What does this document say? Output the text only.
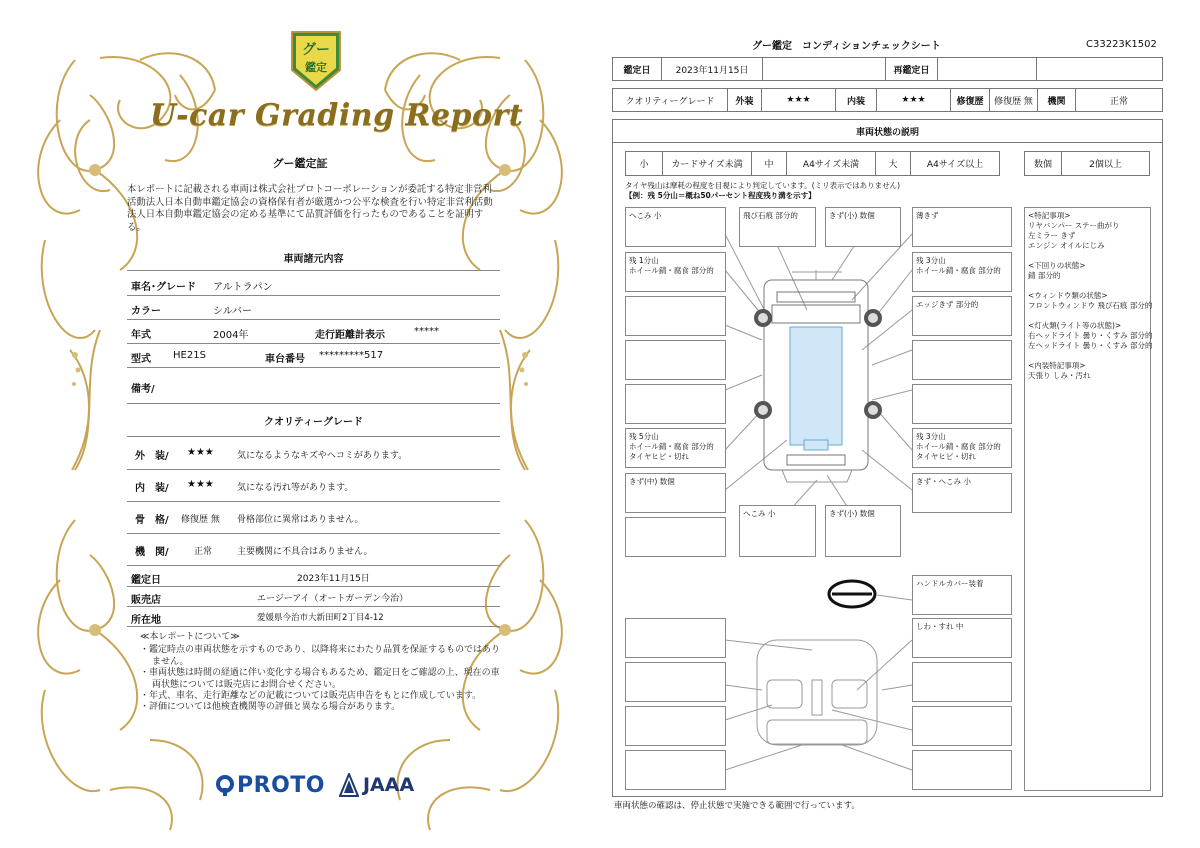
グー
鑑定
U-car Grading Report
グー鑑定証
本レポートに記載される車両は株式会社プロトコーポレーションが委託する特定非営利活動法人日本自動車鑑定協会の資格保有者が厳選かつ公平な検査を行い特定非営利活動法人日本自動車鑑定協会の定める基準にて品質評価を行ったものであることを証明する。
車両諸元内容
車名･グレード アルトラパン
カラー	シルバー
年式	2004年	走行距離計表示	*****
型式 HE21S	車台番号 *********517
備考/
クオリティーグレード
外　装/ ★★★	気になるようなキズやヘコミがあります。
内　装/ ★★★	気になる汚れ等があります。
骨　格/ 修復歴 無 骨格部位に異常はありません。
機　関/	正常	主要機関に不具合はありません。
鑑定日	2023年11月15日
販売店	エージーアイ（オートガーデン今治）
所在地	愛媛県今治市大新田町2丁目4-12
≪本レポートについて≫
・鑑定時点の車両状態を示すものであり、以降将来にわたり品質を保証するものではありません。
・車両状態は時間の経過に伴い変化する場合もあるため、鑑定日をご確認の上、現在の車両状態については販売店にお問合せください。
・年式、車名、走行距離などの記載については販売店申告をもとに作成しています。
・評価については他検査機関等の評価と異なる場合があります。
PROTO JAAA
グー鑑定　コンディションチェックシート	C33223K1502
鑑定日	2023年11月15日	再鑑定日
クオリティーグレード	外装	★★★	内装	★★★	修復歴	修復歴 無	機関	正常
車両状態の説明
小	カードサイズ未満	中	A4サイズ未満	大	A4サイズ以上	数個	2個以上
タイヤ残山は摩耗の程度を目視により判定しています。(ミリ表示ではありません)
【例：残 5分山＝概ね50パーセント程度残り溝を示す】
へこみ 小	飛び石痕 部分的	きず(小) 数個	薄きず
残 1分山
ホイール錆・腐食 部分的
残 3分山
ホイール錆・腐食 部分的
エッジきず 部分的
残 5分山
ホイール錆・腐食 部分的
タイヤヒビ・切れ
残 3分山
ホイール錆・腐食 部分的
タイヤヒビ・切れ
きず(中) 数個	きず・へこみ 小
へこみ 小	きず(小) 数個
ハンドルカバー装着
しわ・すれ 中
<特記事項>
リヤバンパー ステー曲がり
左ミラー きず
エンジン オイルにじみ
<下回りの状態>
錆 部分的
<ウィンドウ類の状態>
フロントウィンドウ 飛び石痕 部分的
<灯火類(ライト等の状態)>
右ヘッドライト 曇り・くすみ 部分的
左ヘッドライト 曇り・くすみ 部分的
<内装特記事項>
天張り しみ・汚れ
車両状態の確認は、停止状態で実施できる範囲で行っています。
